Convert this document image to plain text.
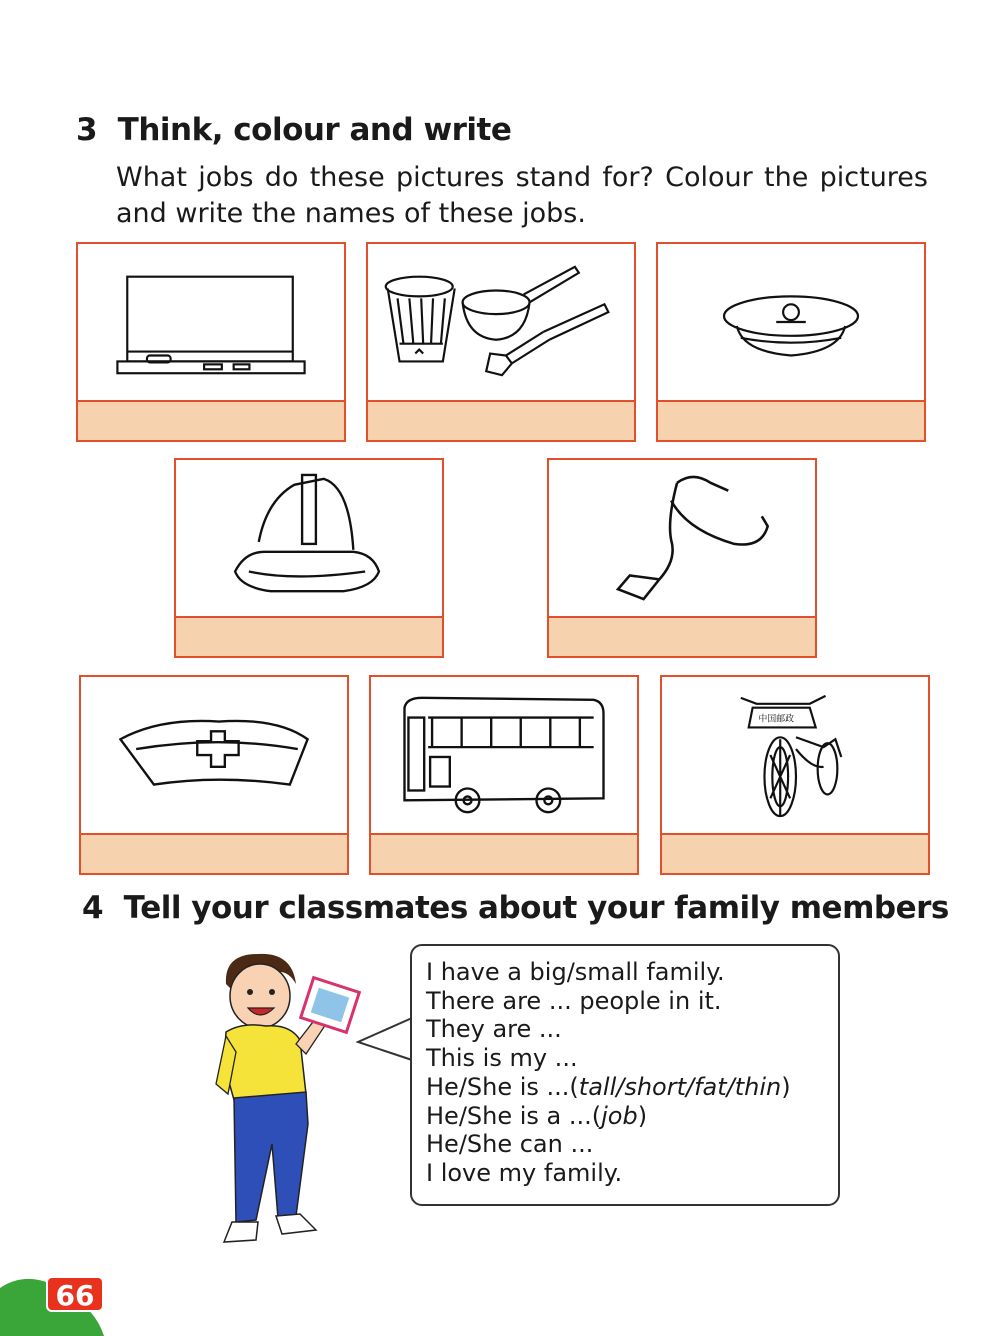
3 Think, colour and write
What jobs do these pictures stand for? Colour the pictures and write the names of these jobs.
中国邮政
4 Tell your classmates about your family members
I have a big/small family.
There are ... people in it.
They are ...
This is my ...
He/She is ...(tall/short/fat/thin)
He/She is a ...(job)
He/She can ...
I love my family.
66
